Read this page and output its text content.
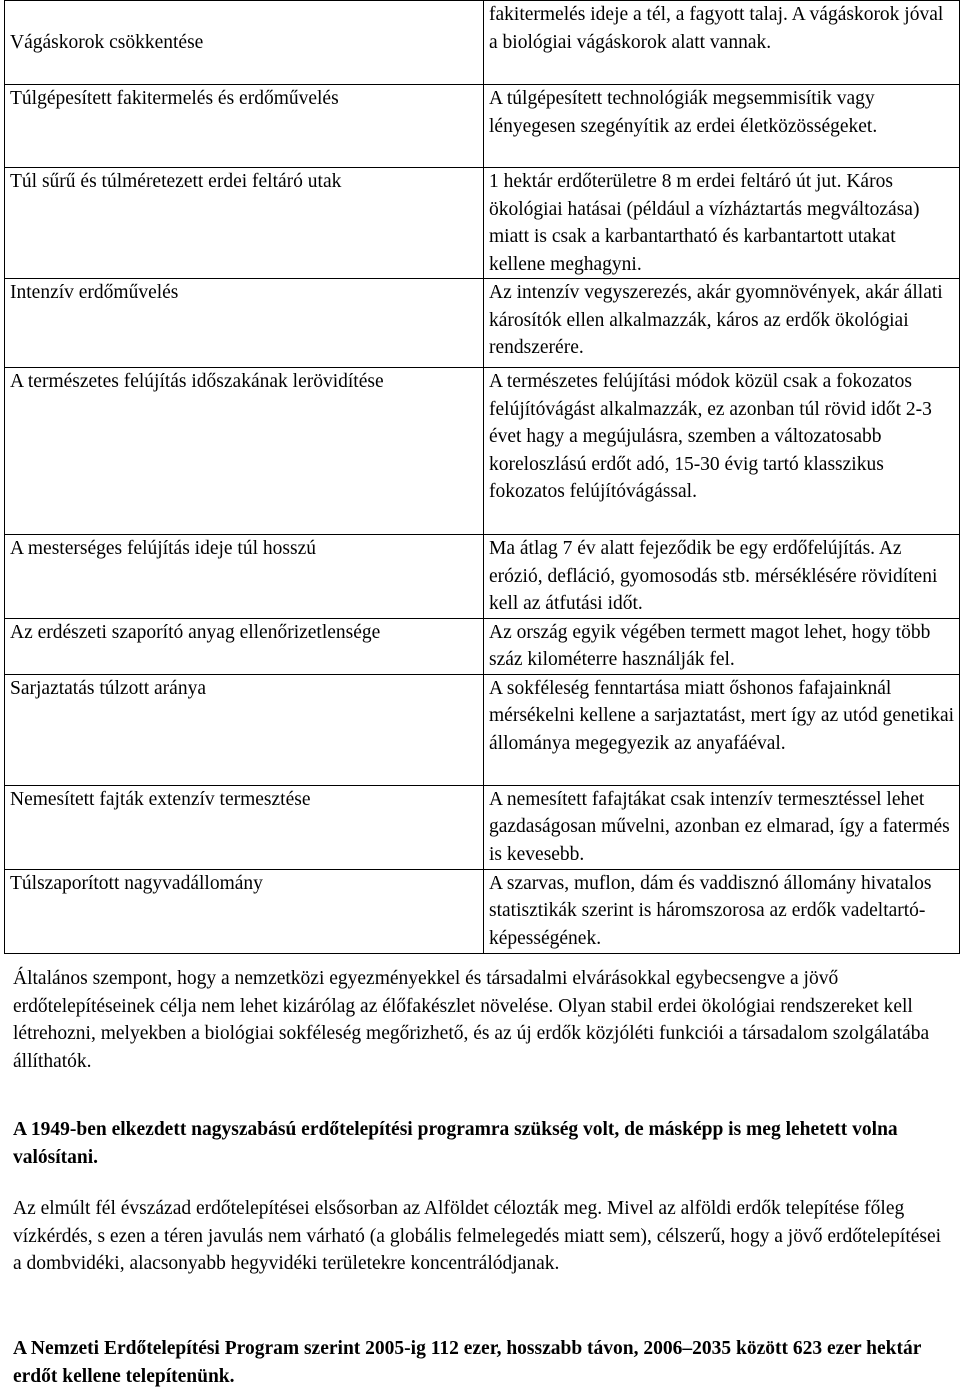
Vágáskorok csökkentése	fakitermelés ideje a tél, a fagyott talaj. A vágáskorok jóval a biológiai vágáskorok alatt vannak.
Túlgépesített fakitermelés és erdőművelés	A túlgépesített technológiák megsemmisítik vagy lényegesen szegényítik az erdei életközösségeket.
Túl sűrű és túlméretezett erdei feltáró utak	1 hektár erdőterületre 8 m erdei feltáró út jut. Káros ökológiai hatásai (például a vízháztartás megváltozása) miatt is csak a karbantartható és karbantartott utakat kellene meghagyni.
Intenzív erdőművelés	Az intenzív vegyszerezés, akár gyomnövények, akár állati károsítók ellen alkalmazzák, káros az erdők ökológiai rendszerére.
A természetes felújítás időszakának lerövidítése	A természetes felújítási módok közül csak a fokozatos felújítóvágást alkalmazzák, ez azonban túl rövid időt 2-3 évet hagy a megújulásra, szemben a változatosabb koreloszlású erdőt adó, 15-30 évig tartó klasszikus fokozatos felújítóvágással.
A mesterséges felújítás ideje túl hosszú	Ma átlag 7 év alatt fejeződik be egy erdőfelújítás. Az erózió, defláció, gyomosodás stb. mérséklésére rövidíteni kell az átfutási időt.
Az erdészeti szaporító anyag ellenőrizetlensége	Az ország egyik végében termett magot lehet, hogy több száz kilométerre használják fel.
Sarjaztatás túlzott aránya	A sokféleség fenntartása miatt őshonos fafajainknál mérsékelni kellene a sarjaztatást, mert így az utód genetikai állománya megegyezik az anyafáéval.
Nemesített fajták extenzív termesztése	A nemesített fafajtákat csak intenzív termesztéssel lehet gazdaságosan művelni, azonban ez elmarad, így a fatermés is kevesebb.
Túlszaporított nagyvadállomány	A szarvas, muflon, dám és vaddisznó állomány hivatalos statisztikák szerint is háromszorosa az erdők vadeltartó-képességének.

Általános szempont, hogy a nemzetközi egyezményekkel és társadalmi elvárásokkal egybecsengve a jövő erdőtelepítéseinek célja nem lehet kizárólag az élőfakészlet növelése. Olyan stabil erdei ökológiai rendszereket kell létrehozni, melyekben a biológiai sokféleség megőrizhető, és az új erdők közjóléti funkciói a társadalom szolgálatába állíthatók.

A 1949-ben elkezdett nagyszabású erdőtelepítési programra szükség volt, de másképp is meg lehetett volna valósítani.

Az elmúlt fél évszázad erdőtelepítései elsősorban az Alföldet célozták meg. Mivel az alföldi erdők telepítése főleg vízkérdés, s ezen a téren javulás nem várható (a globális felmelegedés miatt sem), célszerű, hogy a jövő erdőtelepítései a dombvidéki, alacsonyabb hegyvidéki területekre koncentrálódjanak.

A Nemzeti Erdőtelepítési Program szerint 2005-ig 112 ezer, hosszabb távon, 2006–2035 között 623 ezer hektár erdőt kellene telepítenünk.
